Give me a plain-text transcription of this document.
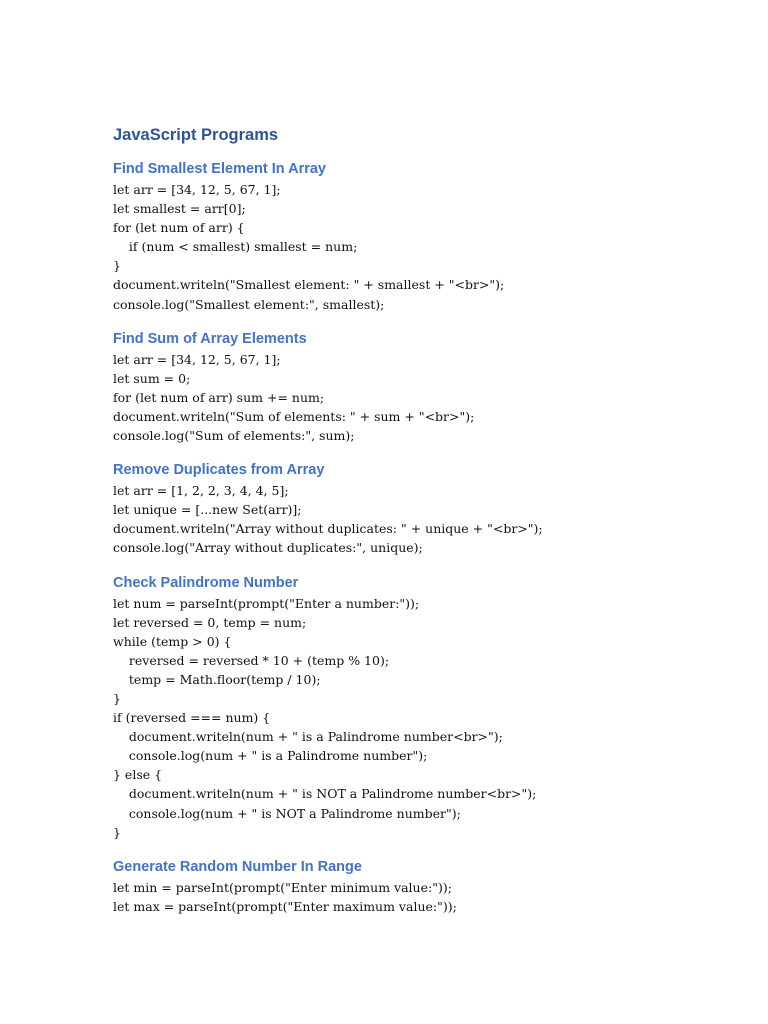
JavaScript Programs
Find Smallest Element In Array
let arr = [34, 12, 5, 67, 1];
let smallest = arr[0];
for (let num of arr) {
if (num < smallest) smallest = num;
}
document.writeln("Smallest element: " + smallest + "<br>");
console.log("Smallest element:", smallest);
Find Sum of Array Elements
let arr = [34, 12, 5, 67, 1];
let sum = 0;
for (let num of arr) sum += num;
document.writeln("Sum of elements: " + sum + "<br>");
console.log("Sum of elements:", sum);
Remove Duplicates from Array
let arr = [1, 2, 2, 3, 4, 4, 5];
let unique = [...new Set(arr)];
document.writeln("Array without duplicates: " + unique + "<br>");
console.log("Array without duplicates:", unique);
Check Palindrome Number
let num = parseInt(prompt("Enter a number:"));
let reversed = 0, temp = num;
while (temp > 0) {
reversed = reversed * 10 + (temp % 10);
temp = Math.floor(temp / 10);
}
if (reversed === num) {
document.writeln(num + " is a Palindrome number<br>");
console.log(num + " is a Palindrome number");
} else {
document.writeln(num + " is NOT a Palindrome number<br>");
console.log(num + " is NOT a Palindrome number");
}
Generate Random Number In Range
let min = parseInt(prompt("Enter minimum value:"));
let max = parseInt(prompt("Enter maximum value:"));
